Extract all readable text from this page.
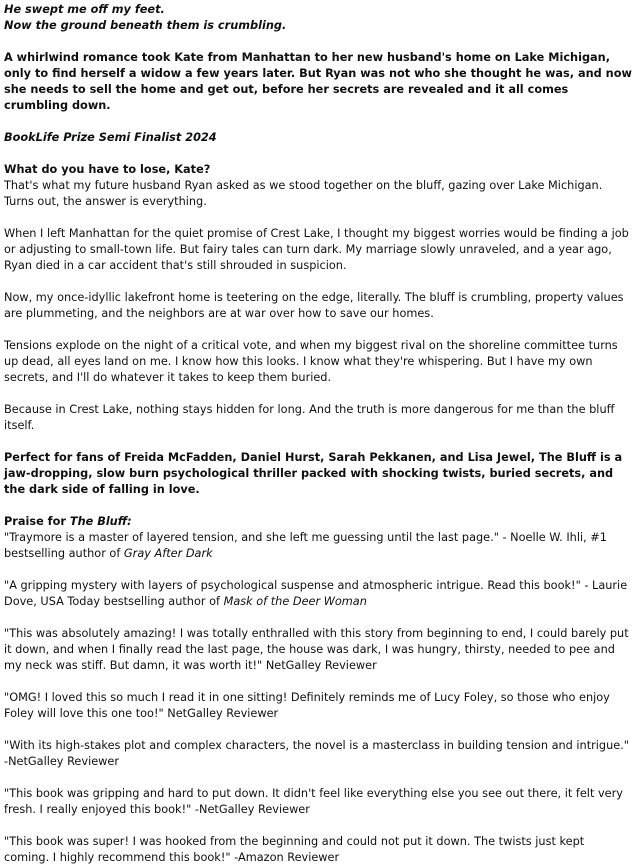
He swept me off my feet.
Now the ground beneath them is crumbling.

A whirlwind romance took Kate from Manhattan to her new husband's home on Lake Michigan, only to find herself a widow a few years later. But Ryan was not who she thought he was, and now she needs to sell the home and get out, before her secrets are revealed and it all comes crumbling down.

BookLife Prize Semi Finalist 2024

What do you have to lose, Kate?
That's what my future husband Ryan asked as we stood together on the bluff, gazing over Lake Michigan.
Turns out, the answer is everything.

When I left Manhattan for the quiet promise of Crest Lake, I thought my biggest worries would be finding a job or adjusting to small-town life. But fairy tales can turn dark. My marriage slowly unraveled, and a year ago, Ryan died in a car accident that's still shrouded in suspicion.

Now, my once-idyllic lakefront home is teetering on the edge, literally. The bluff is crumbling, property values are plummeting, and the neighbors are at war over how to save our homes.

Tensions explode on the night of a critical vote, and when my biggest rival on the shoreline committee turns up dead, all eyes land on me. I know how this looks. I know what they're whispering. But I have my own secrets, and I'll do whatever it takes to keep them buried.

Because in Crest Lake, nothing stays hidden for long. And the truth is more dangerous for me than the bluff itself.

Perfect for fans of Freida McFadden, Daniel Hurst, Sarah Pekkanen, and Lisa Jewel, The Bluff is a jaw-dropping, slow burn psychological thriller packed with shocking twists, buried secrets, and the dark side of falling in love.

Praise for The Bluff:
"Traymore is a master of layered tension, and she left me guessing until the last page." - Noelle W. Ihli, #1 bestselling author of Gray After Dark

"A gripping mystery with layers of psychological suspense and atmospheric intrigue. Read this book!" - Laurie Dove, USA Today bestselling author of Mask of the Deer Woman

"This was absolutely amazing! I was totally enthralled with this story from beginning to end, I could barely put it down, and when I finally read the last page, the house was dark, I was hungry, thirsty, needed to pee and my neck was stiff. But damn, it was worth it!" NetGalley Reviewer

"OMG! I loved this so much I read it in one sitting! Definitely reminds me of Lucy Foley, so those who enjoy Foley will love this one too!" NetGalley Reviewer

"With its high-stakes plot and complex characters, the novel is a masterclass in building tension and intrigue." -NetGalley Reviewer

"This book was gripping and hard to put down. It didn't feel like everything else you see out there, it felt very fresh. I really enjoyed this book!" -NetGalley Reviewer

"This book was super! I was hooked from the beginning and could not put it down. The twists just kept coming. I highly recommend this book!" -Amazon Reviewer
